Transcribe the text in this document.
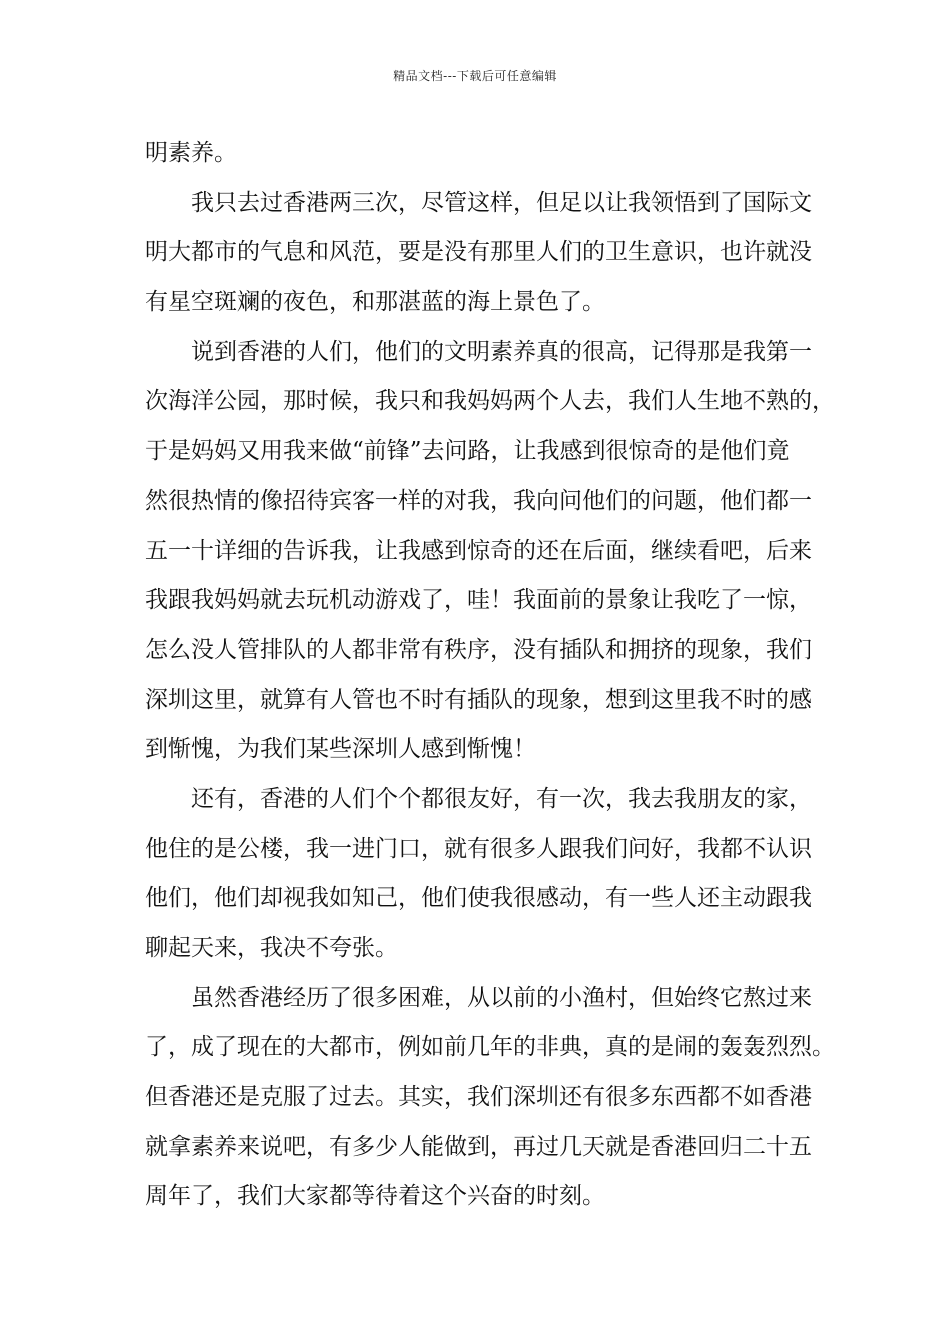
精品文档---下载后可任意编辑
明素养。
我只去过香港两三次，尽管这样，但足以让我领悟到了国际文
明大都市的气息和风范，要是没有那里人们的卫生意识，也许就没
有星空斑斓的夜色，和那湛蓝的海上景色了。
说到香港的人们，他们的文明素养真的很高，记得那是我第一
次海洋公园，那时候，我只和我妈妈两个人去，我们人生地不熟的，
于是妈妈又用我来做“前锋”去问路，让我感到很惊奇的是他们竟
然很热情的像招待宾客一样的对我，我向问他们的问题，他们都一
五一十详细的告诉我，让我感到惊奇的还在后面，继续看吧，后来
我跟我妈妈就去玩机动游戏了，哇！我面前的景象让我吃了一惊，
怎么没人管排队的人都非常有秩序，没有插队和拥挤的现象，我们
深圳这里，就算有人管也不时有插队的现象，想到这里我不时的感
到惭愧，为我们某些深圳人感到惭愧！
还有，香港的人们个个都很友好，有一次，我去我朋友的家，
他住的是公楼，我一进门口，就有很多人跟我们问好，我都不认识
他们，他们却视我如知己，他们使我很感动，有一些人还主动跟我
聊起天来，我决不夸张。
虽然香港经历了很多困难，从以前的小渔村，但始终它熬过来
了，成了现在的大都市，例如前几年的非典，真的是闹的轰轰烈烈。
但香港还是克服了过去。其实，我们深圳还有很多东西都不如香港
就拿素养来说吧，有多少人能做到，再过几天就是香港回归二十五
周年了，我们大家都等待着这个兴奋的时刻。
